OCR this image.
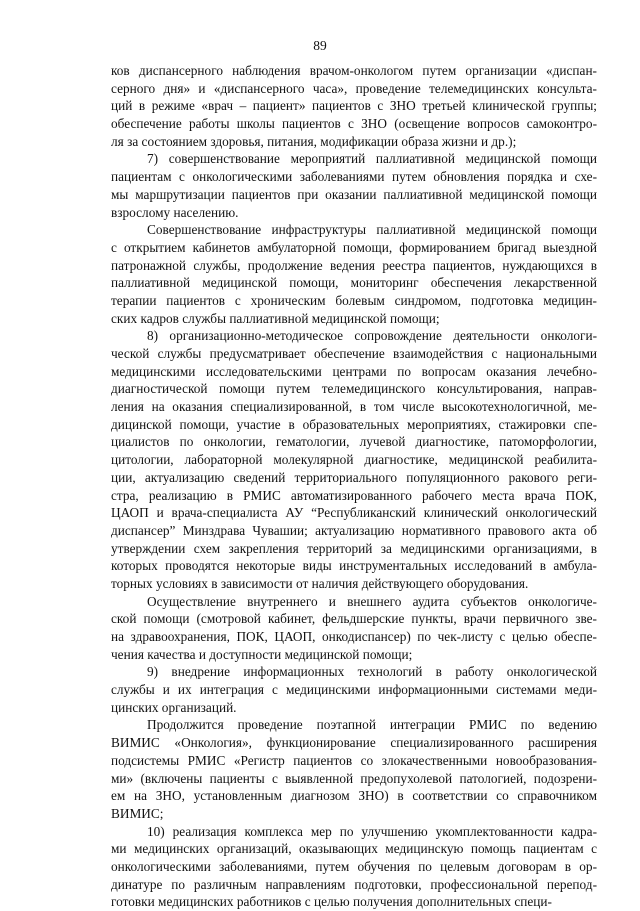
89
ков диспансерного наблюдения врачом-онкологом путем организации «диспан-
серного дня» и «диспансерного часа», проведение телемедицинских консульта-
ций в режиме «врач – пациент» пациентов с ЗНО третьей клинической группы;
обеспечение работы школы пациентов с ЗНО (освещение вопросов самоконтро-
ля за состоянием здоровья, питания, модификации образа жизни и др.);
7) совершенствование мероприятий паллиативной медицинской помощи
пациентам с онкологическими заболеваниями путем обновления порядка и схе-
мы маршрутизации пациентов при оказании паллиативной медицинской помощи
взрослому населению.
Совершенствование инфраструктуры паллиативной медицинской помощи
с открытием кабинетов амбулаторной помощи, формированием бригад выездной
патронажной службы, продолжение ведения реестра пациентов, нуждающихся в
паллиативной медицинской помощи, мониторинг обеспечения лекарственной
терапии пациентов с хроническим болевым синдромом, подготовка медицин-
ских кадров службы паллиативной медицинской помощи;
8) организационно-методическое сопровождение деятельности онкологи-
ческой службы предусматривает обеспечение взаимодействия с национальными
медицинскими исследовательскими центрами по вопросам оказания лечебно-
диагностической помощи путем телемедицинского консультирования, направ-
ления на оказания специализированной, в том числе высокотехнологичной, ме-
дицинской помощи, участие в образовательных мероприятиях, стажировки спе-
циалистов по онкологии, гематологии, лучевой диагностике, патоморфологии,
цитологии, лабораторной молекулярной диагностике, медицинской реабилита-
ции, актуализацию сведений территориального популяционного ракового реги-
стра, реализацию в РМИС автоматизированного рабочего места врача ПОК,
ЦАОП и врача-специалиста АУ “Республиканский клинический онкологический
диспансер” Минздрава Чувашии; актуализацию нормативного правового акта об
утверждении схем закрепления территорий за медицинскими организациями, в
которых проводятся некоторые виды инструментальных исследований в амбула-
торных условиях в зависимости от наличия действующего оборудования.
Осуществление внутреннего и внешнего аудита субъектов онкологиче-
ской помощи (смотровой кабинет, фельдшерские пункты, врачи первичного зве-
на здравоохранения, ПОК, ЦАОП, онкодиспансер) по чек-листу с целью обеспе-
чения качества и доступности медицинской помощи;
9) внедрение информационных технологий в работу онкологической
службы и их интеграция с медицинскими информационными системами меди-
цинских организаций.
Продолжится проведение поэтапной интеграции РМИС по ведению
ВИМИС «Онкология», функционирование специализированного расширения
подсистемы РМИС «Регистр пациентов со злокачественными новообразования-
ми» (включены пациенты с выявленной предопухолевой патологией, подозрени-
ем на ЗНО, установленным диагнозом ЗНО) в соответствии со справочником
ВИМИС;
10) реализация комплекса мер по улучшению укомплектованности кадра-
ми медицинских организаций, оказывающих медицинскую помощь пациентам с
онкологическими заболеваниями, путем обучения по целевым договорам в ор-
динатуре по различным направлениям подготовки, профессиональной перепод-
готовки медицинских работников с целью получения дополнительных специ-
